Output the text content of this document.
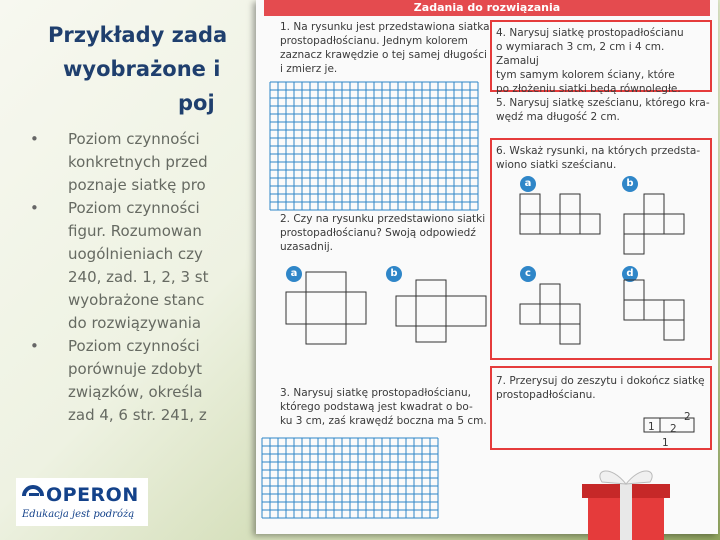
Przykłady zada
wyobrażone i
poj
• Poziom czynności
konkretnych przed
poznaje siatkę pro
• Poziom czynności
figur. Rozumowan
uogólnieniach czy
240, zad. 1, 2, 3 st
wyobrażone stanc
do rozwiązywania
• Poziom czynności
porównuje zdobyt
związków, określa
zad 4, 6 str. 241, z
OPERON
Edukacja jest podróżą
Zadania do rozwiązania
1. Na rysunku jest przedstawiona siatka
prostopadłościanu. Jednym kolorem
zaznacz krawędzie o tej samej długości
i zmierz je.
2. Czy na rysunku przedstawiono siatki
prostopadłościanu? Swoją odpowiedź
uzasadnij.
a	b
3. Narysuj siatkę prostopadłościanu,
którego podstawą jest kwadrat o bo-
ku 3 cm, zaś krawędź boczna ma 5 cm.
4. Narysuj siatkę prostopadłościanu
o wymiarach 3 cm, 2 cm i 4 cm. Zamaluj
tym samym kolorem ściany, które
po złożeniu siatki będą równoległe.
5. Narysuj siatkę sześcianu, którego kra-
wędź ma długość 2 cm.
6. Wskaż rysunki, na których przedsta-
wiono siatki sześcianu.
a	b
c	d
7. Przerysuj do zeszytu i dokończ siatkę
prostopadłościanu.
1
2
2
1
